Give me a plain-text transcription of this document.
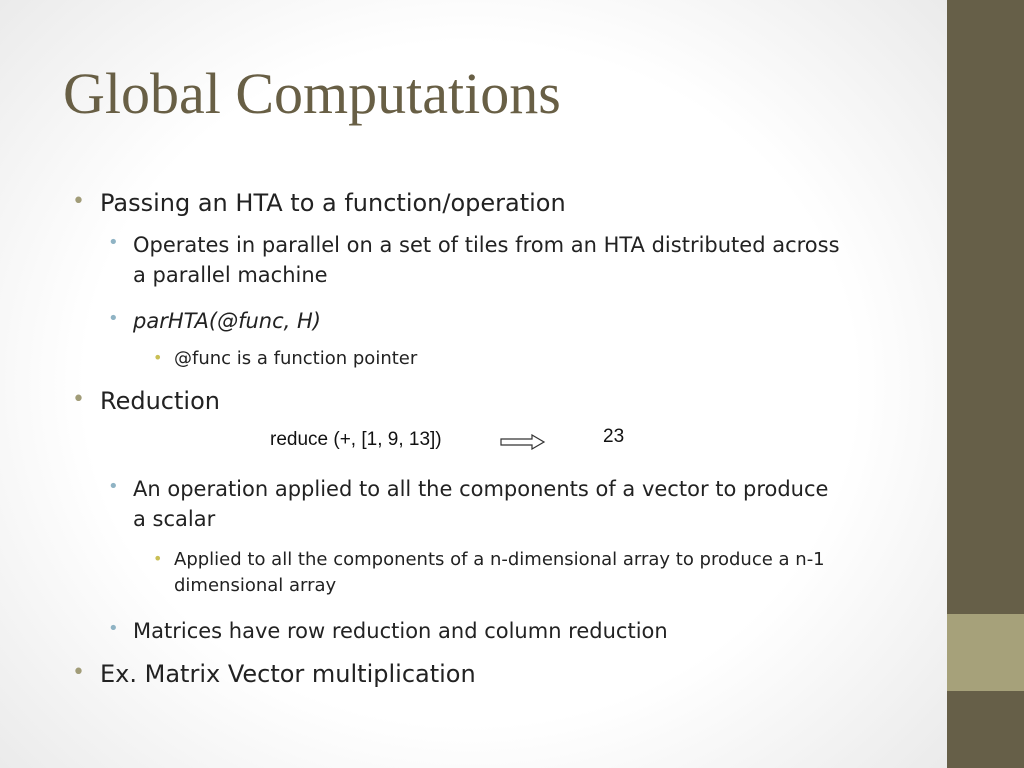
Global Computations
• Passing an HTA to a function/operation
• Operates in parallel on a set of tiles from an HTA distributed across a parallel machine
• parHTA(@func, H)
• @func is a function pointer
• Reduction
reduce (+, [1, 9, 13])	23
• An operation applied to all the components of a vector to produce a scalar
• Applied to all the components of a n-dimensional array to produce a n-1 dimensional array
• Matrices have row reduction and column reduction
• Ex. Matrix Vector multiplication
